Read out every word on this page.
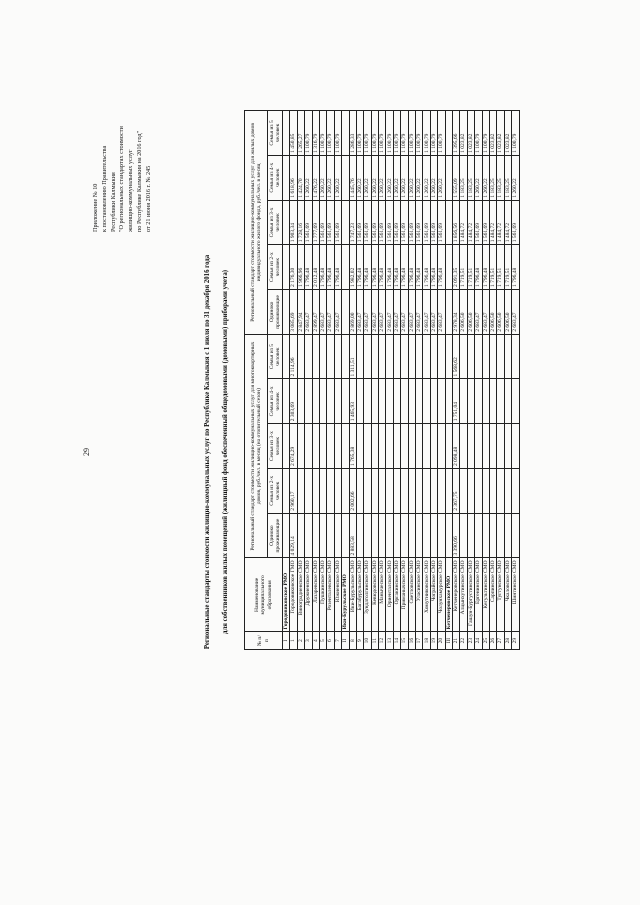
29
Приложение № 10 к постановлению Правительства Республики Калмыкия "О региональных стандартах стоимости жилищно-коммунальных услуг по Республике Калмыкия на 2016 год" от 21 июня 2016 г. № 245
Региональные стандарты стоимости жилищно-коммунальных услуг по Республике Калмыкия с 1 июля по 31 декабря 2016 года для собственников жилых помещений (жилищный фонд обеспеченный общедомовыми (домовыми) приборами учета)
№ п/п	Наименование муниципального образования	Региональный стандарт стоимости жилищно-коммунальных услуг для многоквартирных домов, руб./чел. в месяц (на отопительный сезон)					Региональный стандарт стоимости жилищно-коммунальных услуг для жилых домов индивидуального жилого фонда, руб./чел. в месяц				
		Одиноко проживающие	Семья из 2-х человек	Семья из 3-х человек	Семья из 4-х человек	Семья из 5 человек	Одиноко проживающие	Семья из 2-х человек	Семья из 3-х человек	Семья из 4-х человек	Семья из 5 человек
I	Городовиковское РМО										
1	Городовиковское ГМО	4 029,14	2 960,17	2 674,29	2 303,69	2 114,96	3 085,69	2 176,30	1 903,34	1 618,96	1 450,85
2	Виноградненское СМО						2 847,94	1 966,96	1 728,16	1 424,70	1 265,27
3	Дружненское СМО						2 683,47	1 796,48	1 561,69	1 260,22	1 100,79
4	Лазаревское СМО						2 899,47	2 012,48	1 777,69	1 476,22	1 316,79
5	Пушкинское СМО						2 683,47	1 796,48	1 561,69	1 260,22	1 100,79
6	Розенталевское СМО						2 683,47	1 796,48	1 561,69	1 260,22	1 100,79
7	Южненское СМО						2 683,47	1 796,48	1 561,69	1 260,22	1 100,79
II	Ики-Бурульское РМО										
8	Ики-Бурульское СМО	2 883,58	2 002,66	1 765,38	1 465,93	1 311,51	2 869,00	1 982,02	1 747,23	1 445,76	1 286,33
9	Багабурульское СМО						2 683,47	1 796,48	1 561,69	1 260,22	1 100,79
10	Зундатолгинское СМО						2 683,47	1 796,48	1 561,69	1 260,22	1 100,79
11	Кевюдовское СМО						2 683,47	1 796,48	1 561,69	1 260,22	1 100,79
12	Маныческое СМО						2 683,47	1 796,48	1 561,69	1 260,22	1 100,79
13	Ориенталское СМО						2 683,47	1 796,48	1 561,69	1 260,22	1 100,79
14	Оргакинское СМО						2 683,47	1 796,48	1 561,69	1 260,22	1 100,79
15	Приманычское СМО						2 683,47	1 796,48	1 561,69	1 260,22	1 100,79
16	Светловское СМО						2 683,47	1 796,48	1 561,69	1 260,22	1 100,79
17	Уласинское СМО						2 683,47	1 796,48	1 561,69	1 260,22	1 100,79
18	Хомутниковское СМО						2 683,47	1 796,48	1 561,69	1 260,22	1 100,79
19	Чограйское СМО						2 683,47	1 796,48	1 561,69	1 260,22	1 100,79
20	Чолунхамурское СМО						2 683,47	1 796,48	1 561,69	1 260,22	1 100,79
III	Кетченеровское РМО										
21	Кетченеровское СМО	3 390,66	2 367,75	2 098,48	1 751,04	1 568,62	2 978,34	2 091,35	1 856,56	1 555,09	1 395,66
22	Алцынхутинское СМО						2 606,50	1 719,51	1 484,72	1 183,25	1 023,82
23	Гашун-Бургустинское СМО						2 606,50	1 719,51	1 484,72	1 183,25	1 023,82
24	Ергенинское СМО						2 683,47	1 796,48	1 561,69	1 260,22	1 100,79
25	Кегультинское СМО						2 683,47	1 796,48	1 561,69	1 260,22	1 100,79
26	Сарпинское СМО						2 606,50	1 719,51	1 484,72	1 183,25	1 023,82
27	Тугтунское СМО						2 606,50	1 719,51	1 484,72	1 183,25	1 023,82
28	Чкаловское СМО						2 606,50	1 719,51	1 484,72	1 183,25	1 023,82
29	Шинтинское СМО						2 683,47	1 796,48	1 561,69	1 260,22	1 100,79
